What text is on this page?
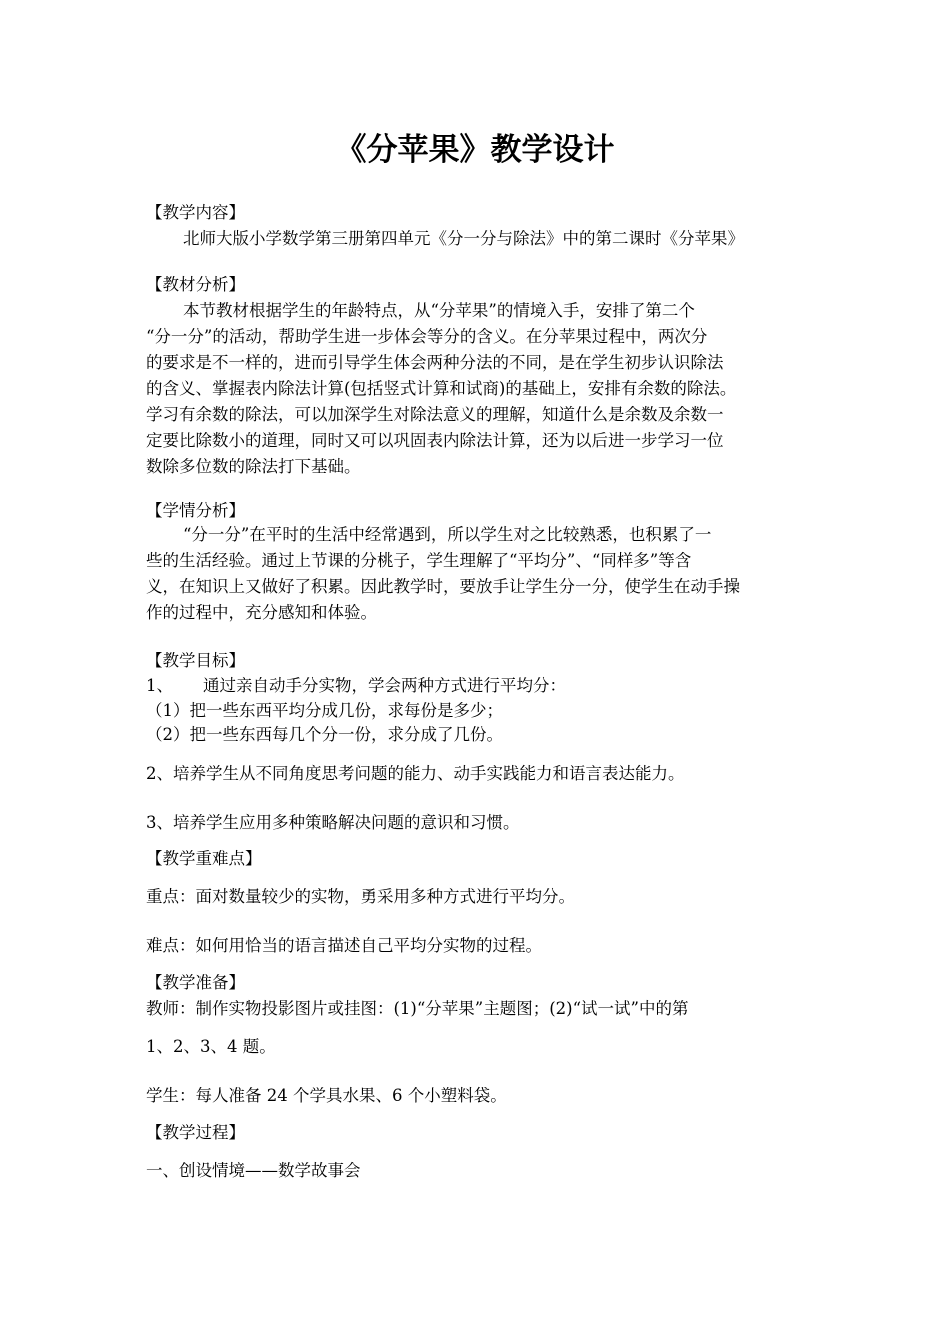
《分苹果》教学设计

【教学内容】

北师大版小学数学第三册第四单元《分一分与除法》中的第二课时《分苹果》

【教材分析】

本节教材根据学生的年龄特点，从“分苹果”的情境入手，安排了第二个

“分一分”的活动，帮助学生进一步体会等分的含义。在分苹果过程中，两次分

的要求是不一样的，进而引导学生体会两种分法的不同，是在学生初步认识除法

的含义、掌握表内除法计算(包括竖式计算和试商)的基础上，安排有余数的除法。

学习有余数的除法，可以加深学生对除法意义的理解，知道什么是余数及余数一

定要比除数小的道理，同时又可以巩固表内除法计算，还为以后进一步学习一位

数除多位数的除法打下基础。

【学情分析】

“分一分”在平时的生活中经常遇到，所以学生对之比较熟悉，也积累了一

些的生活经验。通过上节课的分桃子，学生理解了“平均分”、“同样多”等含

义，在知识上又做好了积累。因此教学时，要放手让学生分一分，使学生在动手操

作的过程中，充分感知和体验。

【教学目标】

1、 通过亲自动手分实物，学会两种方式进行平均分：

（1）把一些东西平均分成几份，求每份是多少；

（2）把一些东西每几个分一份，求分成了几份。

2、培养学生从不同角度思考问题的能力、动手实践能力和语言表达能力。

3、培养学生应用多种策略解决问题的意识和习惯。

【教学重难点】

重点：面对数量较少的实物，勇采用多种方式进行平均分。

难点：如何用恰当的语言描述自己平均分实物的过程。

【教学准备】

教师：制作实物投影图片或挂图：(1)“分苹果”主题图；(2)“试一试”中的第

1、2、3、4 题。

学生：每人准备 24 个学具水果、6 个小塑料袋。

【教学过程】

一、创设情境——数学故事会
